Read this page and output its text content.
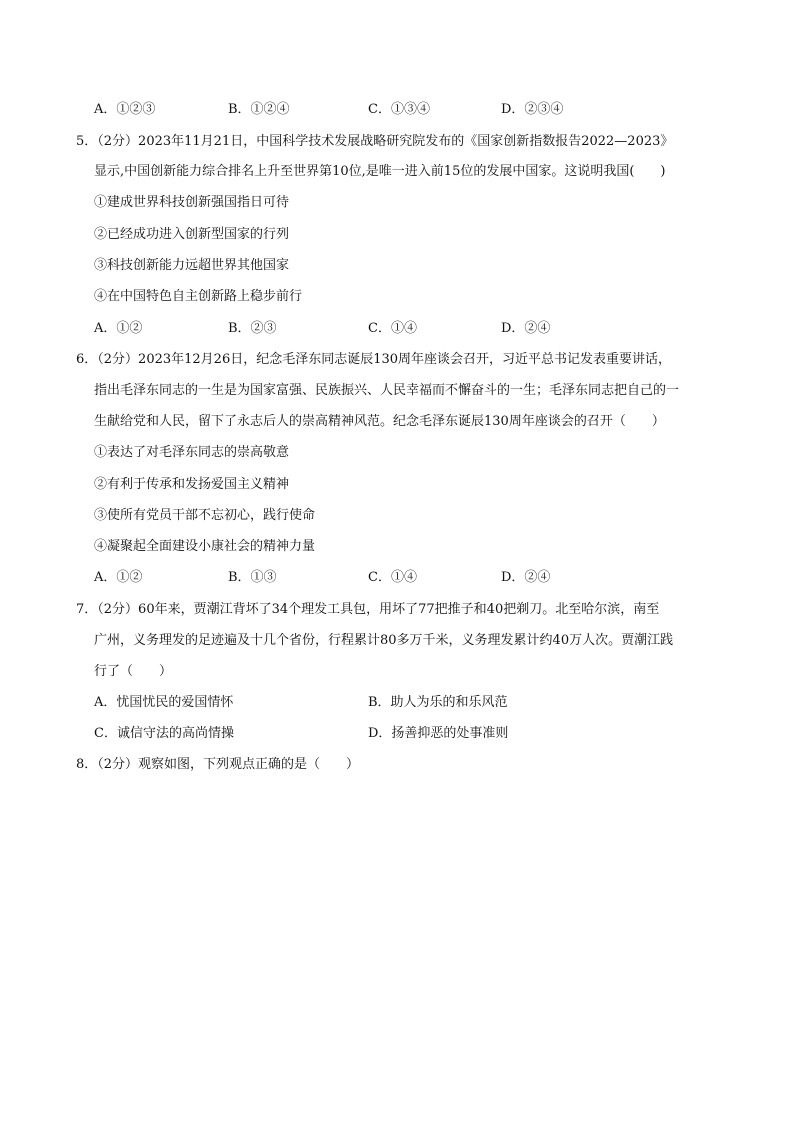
A．①②③	B．①②④	C．①③④	D．②③④
5．（2分）2023年11月21日，中国科学技术发展战略研究院发布的《国家创新指数报告2022—2023》
显示,中国创新能力综合排名上升至世界第10位,是唯一进入前15位的发展中国家。这说明我国(　　)
①建成世界科技创新强国指日可待
②已经成功进入创新型国家的行列
③科技创新能力远超世界其他国家
④在中国特色自主创新路上稳步前行
A．①②	B．②③	C．①④	D．②④
6．（2分）2023年12月26日，纪念毛泽东同志诞辰130周年座谈会召开，习近平总书记发表重要讲话，
指出毛泽东同志的一生是为国家富强、民族振兴、人民幸福而不懈奋斗的一生；毛泽东同志把自己的一
生献给党和人民，留下了永志后人的崇高精神风范。纪念毛泽东诞辰130周年座谈会的召开（　　）
①表达了对毛泽东同志的崇高敬意
②有利于传承和发扬爱国主义精神
③使所有党员干部不忘初心，践行使命
④凝聚起全面建设小康社会的精神力量
A．①②	B．①③	C．①④	D．②④
7．（2分）60年来，贾潮江背坏了34个理发工具包，用坏了77把推子和40把剃刀。北至哈尔滨，南至
广州，义务理发的足迹遍及十几个省份，行程累计80多万千米，义务理发累计约40万人次。贾潮江践
行了（　　）
A．忧国忧民的爱国情怀	B．助人为乐的和乐风范
C．诚信守法的高尚情操	D．扬善抑恶的处事准则
8．（2分）观察如图，下列观点正确的是（　　）
